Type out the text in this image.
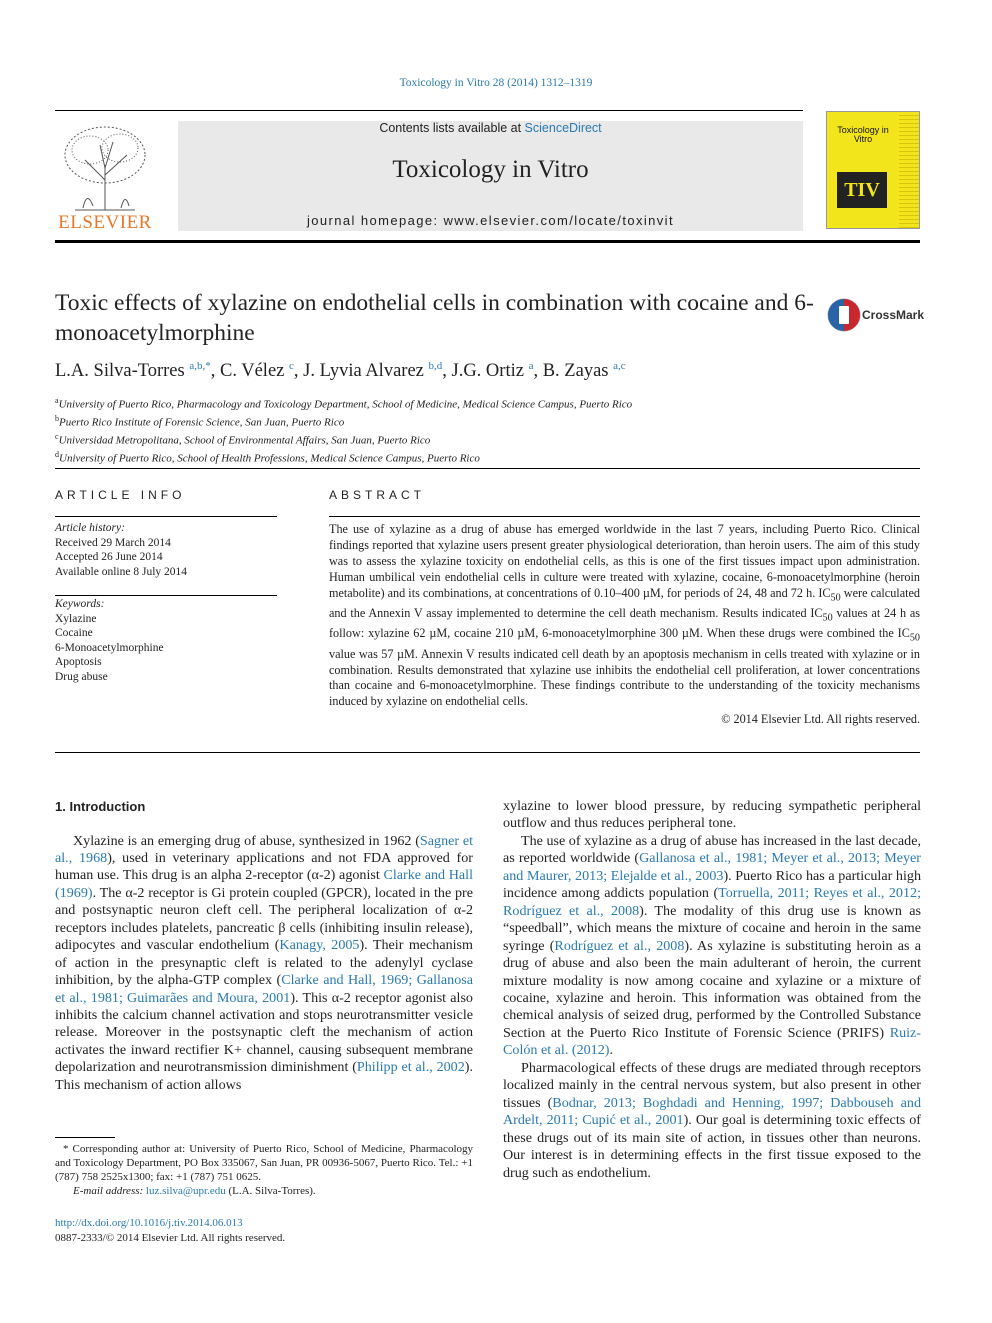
Toxicology in Vitro 28 (2014) 1312–1319
ELSEVIER
Contents lists available at ScienceDirect
Toxicology in Vitro
journal homepage: www.elsevier.com/locate/toxinvit
Toxicology in Vitro
TIV
Toxic effects of xylazine on endothelial cells in combination with cocaine and 6-monoacetylmorphine
CrossMark
L.A. Silva-Torres $^{a,b,*}$, C. Vélez $^c$, J. Lyvia Alvarez $^{b,d}$, J.G. Ortiz $^a$, B. Zayas $^{a,c}$
$^a$University of Puerto Rico, Pharmacology and Toxicology Department, School of Medicine, Medical Science Campus, Puerto Rico
$^b$Puerto Rico Institute of Forensic Science, San Juan, Puerto Rico
$^c$Universidad Metropolitana, School of Environmental Affairs, San Juan, Puerto Rico
$^d$University of Puerto Rico, School of Health Professions, Medical Science Campus, Puerto Rico
ARTICLE INFO	ABSTRACT
Article history:
Received 29 March 2014
Accepted 26 June 2014
Available online 8 July 2014
Keywords:
Xylazine
Cocaine
6-Monoacetylmorphine
Apoptosis
Drug abuse
The use of xylazine as a drug of abuse has emerged worldwide in the last 7 years, including Puerto Rico. Clinical findings reported that xylazine users present greater physiological deterioration, than heroin users. The aim of this study was to assess the xylazine toxicity on endothelial cells, as this is one of the first tissues impact upon administration. Human umbilical vein endothelial cells in culture were treated with xylazine, cocaine, 6-monoacetylmorphine (heroin metabolite) and its combinations, at concentrations of 0.10–400 µM, for periods of 24, 48 and 72 h. $IC_{50}$ were calculated and the Annexin V assay implemented to determine the cell death mechanism. Results indicated $IC_{50}$ values at 24 h as follow: xylazine 62 µM, cocaine 210 µM, 6-monoacetylmorphine 300 µM. When these drugs were combined the $IC_{50}$ value was 57 µM. Annexin V results indicated cell death by an apoptosis mechanism in cells treated with xylazine or in combination. Results demonstrated that xylazine use inhibits the endothelial cell proliferation, at lower concentrations than cocaine and 6-monoacetylmorphine. These findings contribute to the understanding of the toxicity mechanisms induced by xylazine on endothelial cells.
© 2014 Elsevier Ltd. All rights reserved.
1. Introduction

Xylazine is an emerging drug of abuse, synthesized in 1962 (Sagner et al., 1968), used in veterinary applications and not FDA approved for human use. This drug is an alpha 2-receptor (α-2) agonist Clarke and Hall (1969). The α-2 receptor is Gi protein coupled (GPCR), located in the pre and postsynaptic neuron cleft cell. The peripheral localization of α-2 receptors includes platelets, pancreatic β cells (inhibiting insulin release), adipocytes and vascular endothelium (Kanagy, 2005). Their mechanism of action in the presynaptic cleft is related to the adenylyl cyclase inhibition, by the alpha-GTP complex (Clarke and Hall, 1969; Gallanosa et al., 1981; Guimarães and Moura, 2001). This α-2 receptor agonist also inhibits the calcium channel activation and stops neurotransmitter vesicle release. Moreover in the postsynaptic cleft the mechanism of action activates the inward rectifier K+ channel, causing subsequent membrane depolarization and neurotransmission diminishment (Philipp et al., 2002). This mechanism of action allows

xylazine to lower blood pressure, by reducing sympathetic peripheral outflow and thus reduces peripheral tone.

The use of xylazine as a drug of abuse has increased in the last decade, as reported worldwide (Gallanosa et al., 1981; Meyer et al., 2013; Meyer and Maurer, 2013; Elejalde et al., 2003). Puerto Rico has a particular high incidence among addicts population (Torruella, 2011; Reyes et al., 2012; Rodríguez et al., 2008). The modality of this drug use is known as “speedball”, which means the mixture of cocaine and heroin in the same syringe (Rodríguez et al., 2008). As xylazine is substituting heroin as a drug of abuse and also been the main adulterant of heroin, the current mixture modality is now among cocaine and xylazine or a mixture of cocaine, xylazine and heroin. This information was obtained from the chemical analysis of seized drug, performed by the Controlled Substance Section at the Puerto Rico Institute of Forensic Science (PRIFS) Ruiz-Colón et al. (2012).

Pharmacological effects of these drugs are mediated through receptors localized mainly in the central nervous system, but also present in other tissues (Bodnar, 2013; Boghdadi and Henning, 1997; Dabbouseh and Ardelt, 2011; Cupić et al., 2001). Our goal is determining toxic effects of these drugs out of its main site of action, in tissues other than neurons. Our interest is in determining effects in the first tissue exposed to the drug such as endothelium.

* Corresponding author at: University of Puerto Rico, School of Medicine, Pharmacology and Toxicology Department, PO Box 335067, San Juan, PR 00936-5067, Puerto Rico. Tel.: +1 (787) 758 2525x1300; fax: +1 (787) 751 0625.
E-mail address: luz.silva@upr.edu (L.A. Silva-Torres).
http://dx.doi.org/10.1016/j.tiv.2014.06.013
0887-2333/© 2014 Elsevier Ltd. All rights reserved.
